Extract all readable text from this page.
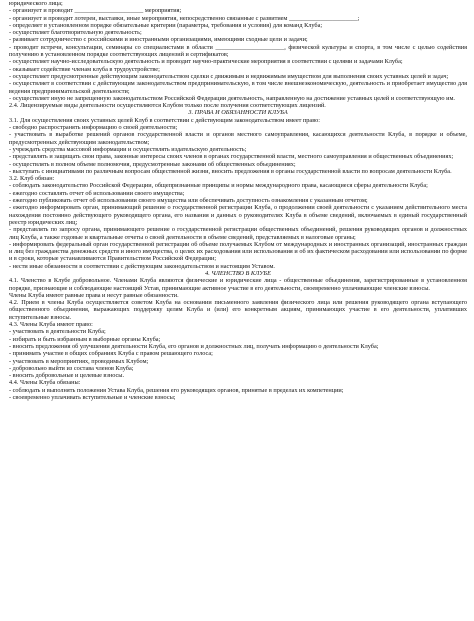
юридического лица;

- организует и проводит ______________________ мероприятия;

- организует и проводит лотереи, выставки, иные мероприятия, непосредственно связанные с развитием ______________________;

- определяет в установленном порядке обязательные критерии (параметры, требования и условия) для команд Клуба;

- осуществляет благотворительную деятельность;

- развивает сотрудничество с российскими и иностранными организациями, имеющими сходные цели и задачи;

- проводит встречи, консультации, семинары со специалистами в области ______________________, физической культуры и спорта, в том числе с целью содействия получению в установленном порядке соответствующих лицензий и сертификатов;

- осуществляет научно-исследовательскую деятельность и проводит научно-практические мероприятия в соответствии с целями и задачами Клуба;

- оказывает содействие членам клуба в трудоустройстве;

- осуществляет предусмотренные действующим законодательством сделки с движимым и недвижимым имуществом для выполнения своих уставных целей и задач;

- осуществляет в соответствии с действующим законодательством предпринимательскую, в том числе внешнеэкономическую, деятельность и приобретает имущество для ведения предпринимательской деятельности;

- осуществляет иную не запрещенную законодательством Российской Федерации деятельность, направленную на достижение уставных целей и соответствующую им.

2.4. Лицензируемые виды деятельности осуществляются Клубом только после получения соответствующих лицензий.

3. ПРАВА И ОБЯЗАННОСТИ КЛУБА

3.1. Для осуществления своих уставных целей Клуб в соответствии с действующим законодательством имеет право:

- свободно распространять информацию о своей деятельности;

- участвовать в выработке решений органов государственной власти и органов местного самоуправления, касающихся деятельности Клуба, в порядке и объеме, предусмотренных действующим законодательством;

- учреждать средства массовой информации и осуществлять издательскую деятельность;

- представлять и защищать свои права, законные интересы своих членов в органах государственной власти, местного самоуправления и общественных объединениях;

- осуществлять в полном объеме полномочия, предусмотренные законами об общественных объединениях;

- выступать с инициативами по различным вопросам общественной жизни, вносить предложения в органы государственной власти по вопросам деятельности Клуба.

3.2. Клуб обязан:

- соблюдать законодательство Российской Федерации, общепризнанные принципы и нормы международного права, касающиеся сферы деятельности Клуба;

- ежегодно составлять отчет об использовании своего имущества;

- ежегодно публиковать отчет об использовании своего имущества или обеспечивать доступность ознакомления с указанным отчетом;

- ежегодно информировать орган, принимающий решение о государственной регистрации Клуба, о продолжении своей деятельности с указанием действительного места нахождения постоянно действующего руководящего органа, его названия и данных о руководителях Клуба в объеме сведений, включаемых в единый государственный реестр юридических лиц;

- представлять по запросу органа, принимающего решение о государственной регистрации общественных объединений, решения руководящих органов и должностных лиц Клуба, а также годовые и квартальные отчеты о своей деятельности в объеме сведений, представляемых в налоговые органы;

- информировать федеральный орган государственной регистрации об объеме получаемых Клубом от международных и иностранных организаций, иностранных граждан и лиц без гражданства денежных средств и иного имущества, о целях их расходования или использования и об их фактическом расходовании или использовании по форме и в сроки, которые устанавливаются Правительством Российской Федерации;

- нести иные обязанности в соответствии с действующим законодательством и настоящим Уставом.

4. ЧЛЕНСТВО В КЛУБЕ

4.1. Членство в Клубе добровольное. Членами Клуба являются физические и юридические лица - общественные объединения, зарегистрированные в установленном порядке, признающие и соблюдающие настоящий Устав, принимающие активное участие в его деятельности, своевременно уплачивающие членские взносы.

Члены Клуба имеют равные права и несут равные обязанности.

4.2. Прием в члены Клуба осуществляется советом Клуба на основании письменного заявления физического лица или решения руководящего органа вступающего общественного объединения, выражающих поддержку целям Клуба и (или) его конкретным акциям, принимающих участие в его деятельности, уплативших вступительные взносы.

4.3. Члены Клуба имеют право:

- участвовать в деятельности Клуба;

- избирать и быть избранным в выборные органы Клуба;

- вносить предложения об улучшении деятельности Клуба, его органов и должностных лиц, получать информацию о деятельности Клуба;

- принимать участие в общих собраниях Клуба с правом решающего голоса;

- участвовать в мероприятиях, проводимых Клубом;

- добровольно выйти из состава членов Клуба;

- вносить добровольные и целевые взносы.

4.4. Члены Клуба обязаны:

- соблюдать и выполнять положения Устава Клуба, решения его руководящих органов, принятые в пределах их компетенции;

- своевременно уплачивать вступительные и членские взносы;
